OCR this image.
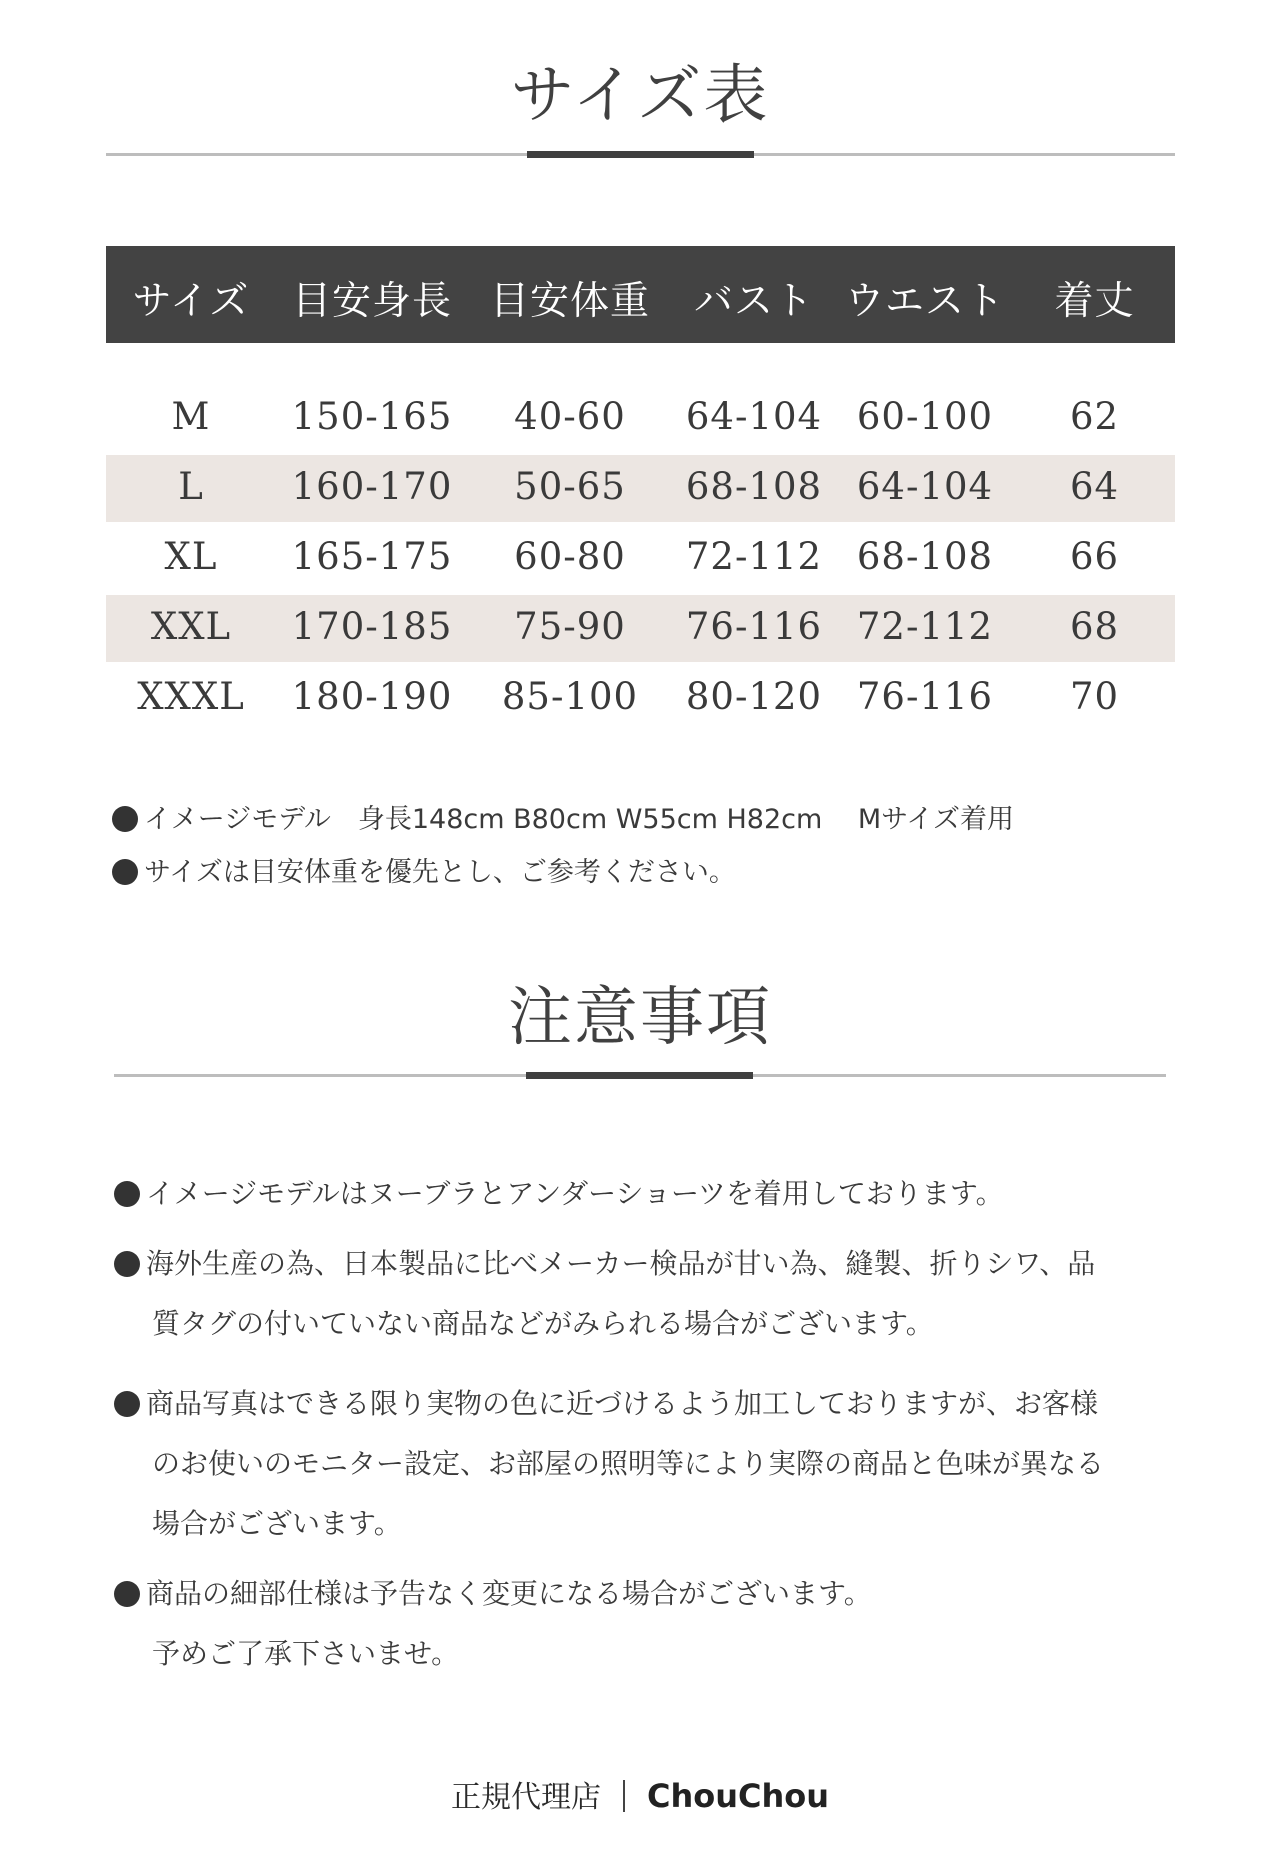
サイズ表
サイズ	目安身長 目安体重	バスト ウエスト	着丈
M	150-165	40-60	64-104 60-100	62
L	160-170	50-65	68-108 64-104	64
XL	165-175	60-80	72-112 68-108	66
XXL	170-185	75-90	76-116 72-112	68
XXXL	180-190	85-100	80-120 76-116	70
イメージモデル　身長148cm B80cm W55cm H82cm　 Mサイズ着用
サイズは目安体重を優先とし、ご参考ください。
注意事項
イメージモデルはヌーブラとアンダーショーツを着用しております。
海外生産の為、日本製品に比べメーカー検品が甘い為、縫製、折りシワ、品
質タグの付いていない商品などがみられる場合がございます。
商品写真はできる限り実物の色に近づけるよう加工しておりますが、お客様
のお使いのモニター設定、お部屋の照明等により実際の商品と色味が異なる
場合がございます。
商品の細部仕様は予告なく変更になる場合がございます。
予めご了承下さいませ。
正規代理店 ChouChou
